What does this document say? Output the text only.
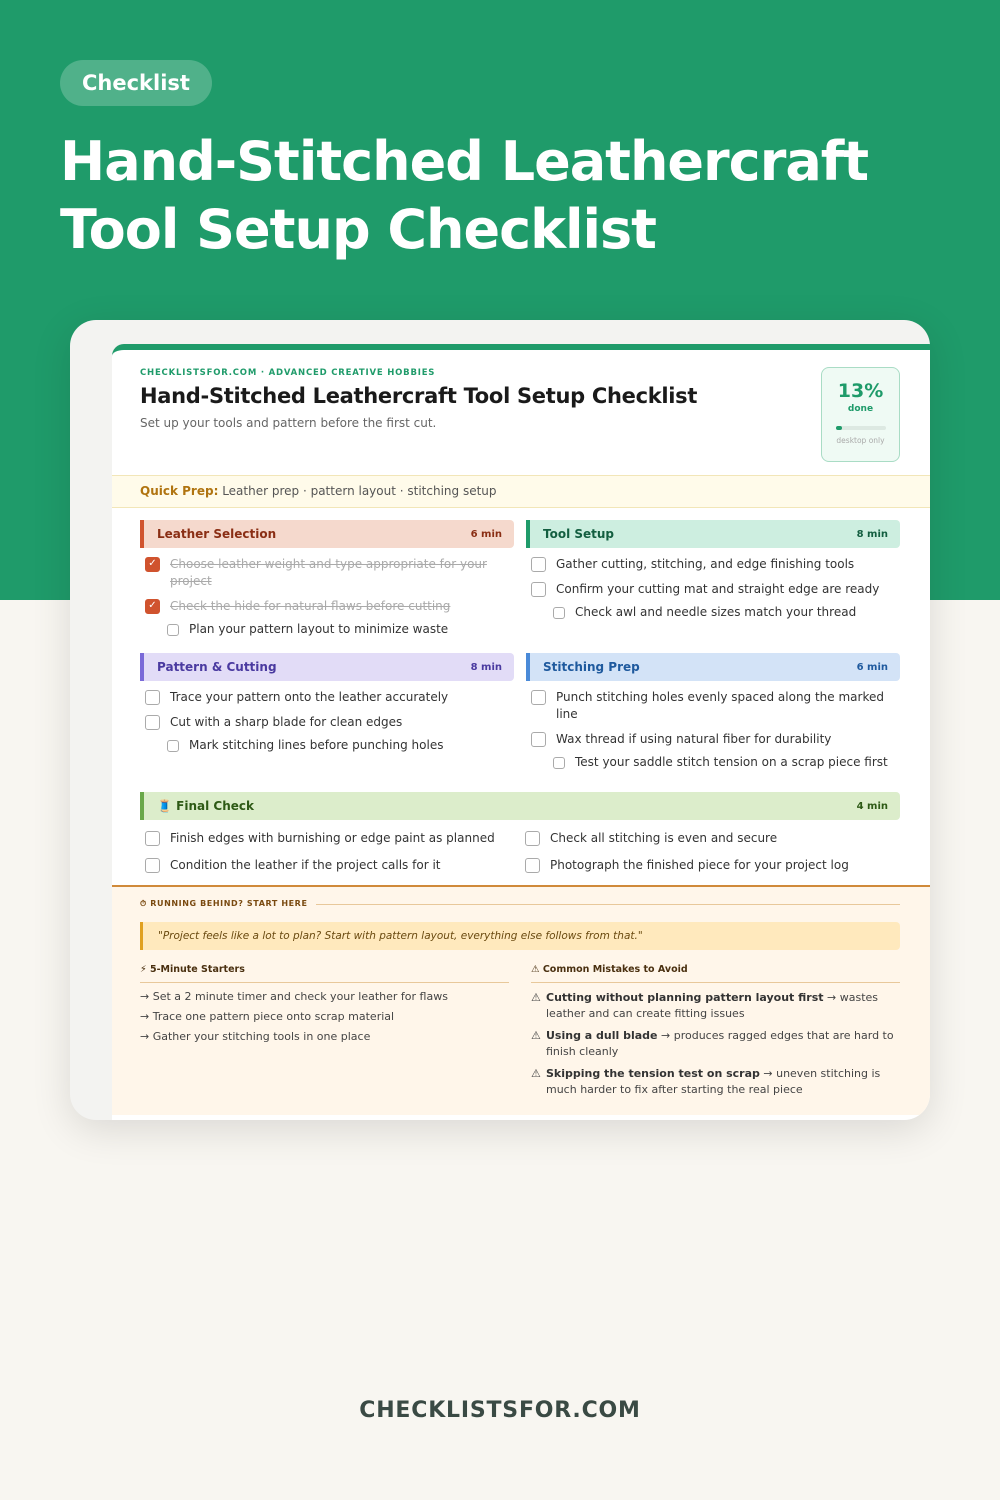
Checklist
Hand-Stitched Leathercraft Tool Setup Checklist
CHECKLISTSFOR.COM · ADVANCED CREATIVE HOBBIES
Hand-Stitched Leathercraft Tool Setup Checklist
Set up your tools and pattern before the first cut.
13%
done
desktop only
Quick Prep: Leather prep · pattern layout · stitching setup
Leather Selection	6 min
✓ Choose leather weight and type appropriate for your project
✓ Check the hide for natural flaws before cutting
Plan your pattern layout to minimize waste
Tool Setup	8 min
Gather cutting, stitching, and edge finishing tools
Confirm your cutting mat and straight edge are ready
Check awl and needle sizes match your thread
Pattern & Cutting	8 min
Trace your pattern onto the leather accurately
Cut with a sharp blade for clean edges
Mark stitching lines before punching holes
Stitching Prep	6 min
Punch stitching holes evenly spaced along the marked line
Wax thread if using natural fiber for durability
Test your saddle stitch tension on a scrap piece first
🧵 Final Check	4 min
Finish edges with burnishing or edge paint as planned
Condition the leather if the project calls for it
Check all stitching is even and secure
Photograph the finished piece for your project log
⏱ RUNNING BEHIND? START HERE
"Project feels like a lot to plan? Start with pattern layout, everything else follows from that."
⚡ 5-Minute Starters
→ Set a 2 minute timer and check your leather for flaws
→ Trace one pattern piece onto scrap material
→ Gather your stitching tools in one place
⚠ Common Mistakes to Avoid
⚠ Cutting without planning pattern layout first → wastes leather and can create fitting issues
⚠ Using a dull blade → produces ragged edges that are hard to finish cleanly
⚠ Skipping the tension test on scrap → uneven stitching is much harder to fix after starting the real piece
CHECKLISTSFOR.COM
